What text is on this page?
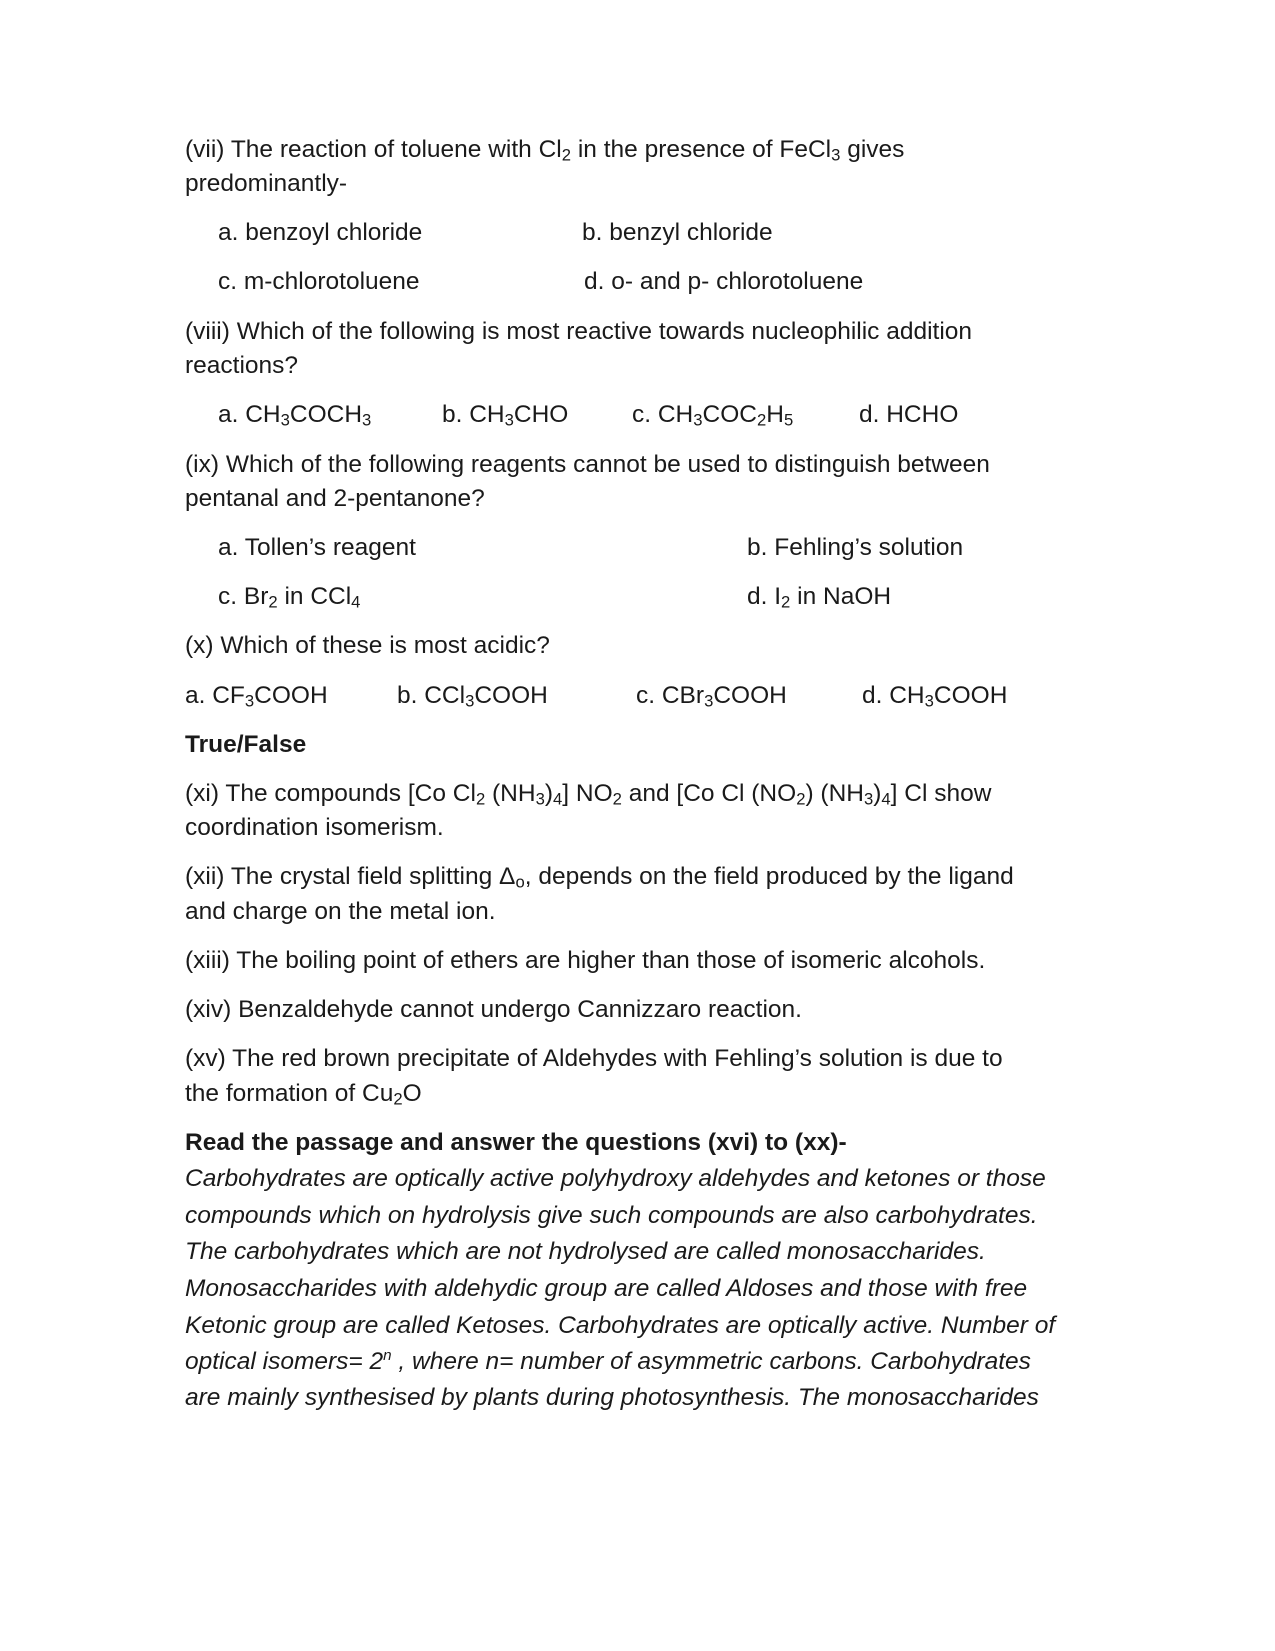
(vii) The reaction of toluene with $Cl_2$ in the presence of FeCl$_3$ gives
predominantly-
a. benzoyl chloride	b. benzyl chloride
c. m-chlorotoluene	d. o- and p- chlorotoluene
(viii) Which of the following is most reactive towards nucleophilic addition
reactions?
a. $CH_3COCH_3$	b. $CH_3CHO$	c. $CH_3COC_2H_5$	d. HCHO
(ix) Which of the following reagents cannot be used to distinguish between
pentanal and 2-pentanone?
a. Tollen’s reagent	b. Fehling’s solution
c. $Br_2$ in CCl$_4$	d. $I_2$ in NaOH
(x) Which of these is most acidic?
a. $CF_3COOH$	b. CCl$_3$COOH	c. CBr$_3$COOH	d. $CH_3COOH$
True/False
(xi) The compounds [Co $Cl_2$ $(NH_3)_4$] $NO_2$ and [Co Cl $(NO_2)$ $(NH_3)_4$] Cl show
coordination isomerism.
(xii) The crystal field splitting $\Delta_o$, depends on the field produced by the ligand
and charge on the metal ion.
(xiii) The boiling point of ethers are higher than those of isomeric alcohols.
(xiv) Benzaldehyde cannot undergo Cannizzaro reaction.
(xv) The red brown precipitate of Aldehydes with Fehling’s solution is due to
the formation of $Cu_2O$
Read the passage and answer the questions (xvi) to (xx)-
Carbohydrates are optically active polyhydroxy aldehydes and ketones or those
compounds which on hydrolysis give such compounds are also carbohydrates.
The carbohydrates which are not hydrolysed are called monosaccharides.
Monosaccharides with aldehydic group are called Aldoses and those with free
Ketonic group are called Ketoses. Carbohydrates are optically active. Number of
optical isomers= $2^n$ , where n= number of asymmetric carbons. Carbohydrates
are mainly synthesised by plants during photosynthesis. The monosaccharides
